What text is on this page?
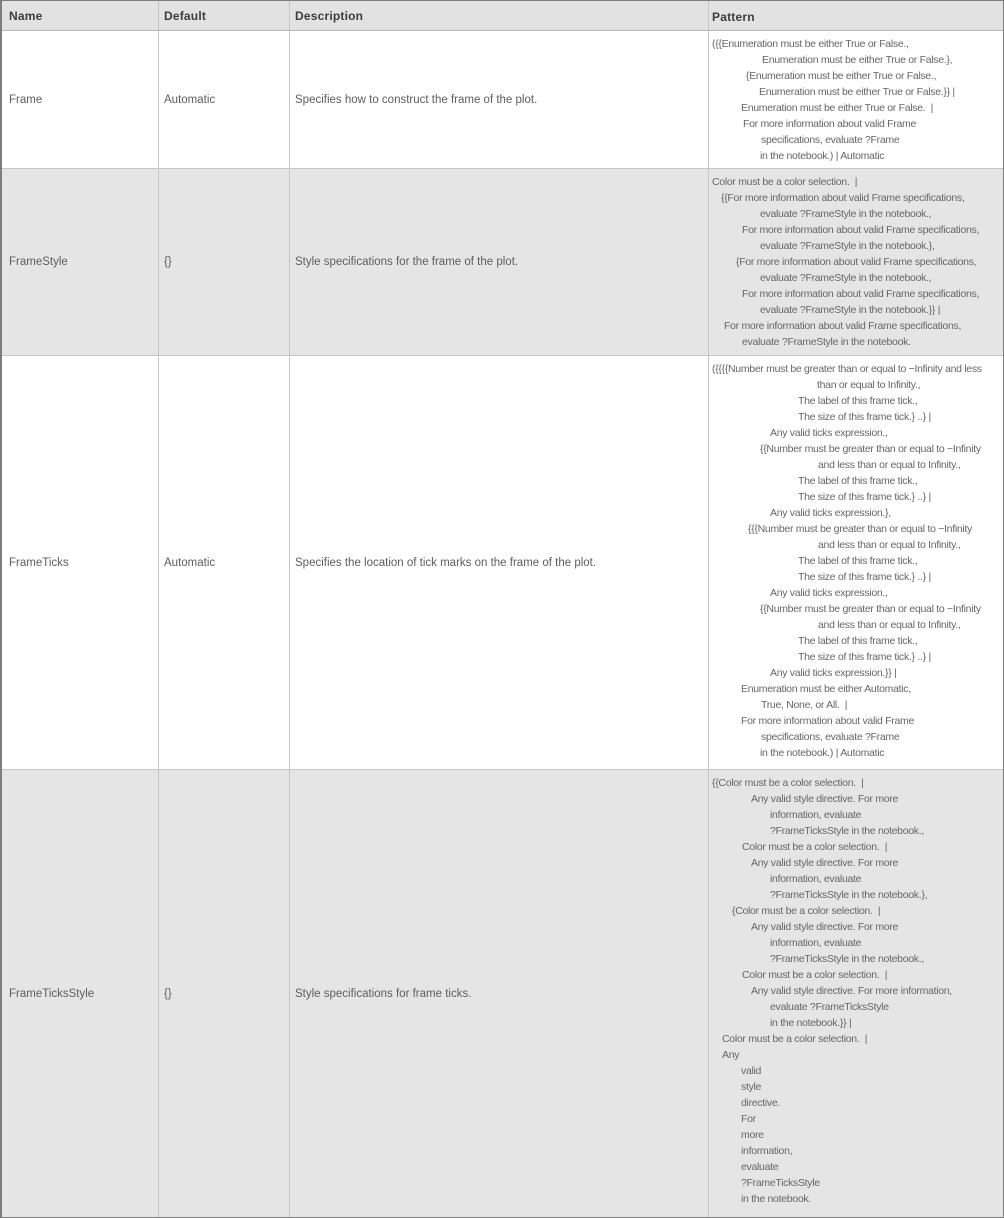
Name	Default	Description	Pattern
Frame	Automatic	Specifies how to construct the frame of the plot.
({{Enumeration must be either True or False.,
Enumeration must be either True or False.},
{Enumeration must be either True or False.,
Enumeration must be either True or False.}} |
Enumeration must be either True or False.  |
For more information about valid Frame
specifications, evaluate ?Frame
in the notebook.) | Automatic
FrameStyle	{}	Style specifications for the frame of the plot.
Color must be a color selection.  |
{{For more information about valid Frame specifications,
evaluate ?FrameStyle in the notebook.,
For more information about valid Frame specifications,
evaluate ?FrameStyle in the notebook.},
{For more information about valid Frame specifications,
evaluate ?FrameStyle in the notebook.,
For more information about valid Frame specifications,
evaluate ?FrameStyle in the notebook.}} |
For more information about valid Frame specifications,
evaluate ?FrameStyle in the notebook.
FrameTicks	Automatic	Specifies the location of tick marks on the frame of the plot.
({{{{Number must be greater than or equal to −Infinity and less
than or equal to Infinity.,
The label of this frame tick.,
The size of this frame tick.} ..} |
Any valid ticks expression.,
{{Number must be greater than or equal to −Infinity
and less than or equal to Infinity.,
The label of this frame tick.,
The size of this frame tick.} ..} |
Any valid ticks expression.},
{{{Number must be greater than or equal to −Infinity
and less than or equal to Infinity.,
The label of this frame tick.,
The size of this frame tick.} ..} |
Any valid ticks expression.,
{{Number must be greater than or equal to −Infinity
and less than or equal to Infinity.,
The label of this frame tick.,
The size of this frame tick.} ..} |
Any valid ticks expression.}} |
Enumeration must be either Automatic,
True, None, or All.  |
For more information about valid Frame
specifications, evaluate ?Frame
in the notebook.) | Automatic
FrameTicksStyle	{}	Style specifications for frame ticks.
{{Color must be a color selection.  |
Any valid style directive. For more
information, evaluate
?FrameTicksStyle in the notebook.,
Color must be a color selection.  |
Any valid style directive. For more
information, evaluate
?FrameTicksStyle in the notebook.},
{Color must be a color selection.  |
Any valid style directive. For more
information, evaluate
?FrameTicksStyle in the notebook.,
Color must be a color selection.  |
Any valid style directive. For more information,
evaluate ?FrameTicksStyle
in the notebook.}} |
Color must be a color selection.  |
Any
valid
style
directive.
For
more
information,
evaluate
?FrameTicksStyle
in the notebook.
